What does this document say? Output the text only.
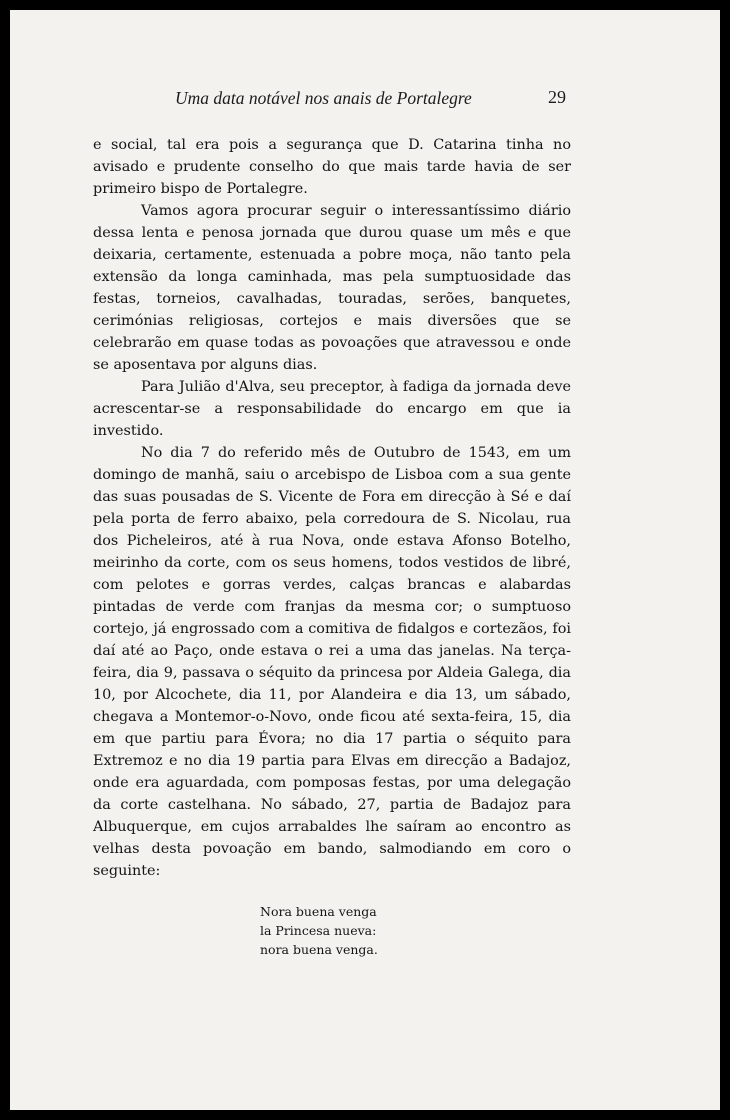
Uma data notável nos anais de Portalegre	29

e social, tal era pois a segurança que D. Catarina tinha no avisado e prudente conselho do que mais tarde havia de ser primeiro bispo de Portalegre.

Vamos agora procurar seguir o interessantíssimo diário dessa lenta e penosa jornada que durou quase um mês e que deixaria, certamente, estenuada a pobre moça, não tanto pela extensão da longa caminhada, mas pela sumptuosidade das festas, torneios, cavalhadas, touradas, serões, banquetes, cerimónias religiosas, cortejos e mais diversões que se celebrarão em quase todas as povoações que atravessou e onde se aposentava por alguns dias.

Para Julião d'Alva, seu preceptor, à fadiga da jornada deve acrescentar-se a responsabilidade do encargo em que ia investido.

No dia 7 do referido mês de Outubro de 1543, em um domingo de manhã, saiu o arcebispo de Lisboa com a sua gente das suas pousadas de S. Vicente de Fora em direcção à Sé e daí pela porta de ferro abaixo, pela corredoura de S. Nicolau, rua dos Picheleiros, até à rua Nova, onde estava Afonso Botelho, meirinho da corte, com os seus homens, todos vestidos de libré, com pelotes e gorras verdes, calças brancas e alabardas pintadas de verde com franjas da mesma cor; o sumptuoso cortejo, já engrossado com a comitiva de fidalgos e cortezãos, foi daí até ao Paço, onde estava o rei a uma das janelas. Na terça-feira, dia 9, passava o séquito da princesa por Aldeia Galega, dia 10, por Alcochete, dia 11, por Alandeira e dia 13, um sábado, chegava a Montemor-o-Novo, onde ficou até sexta-feira, 15, dia em que partiu para Évora; no dia 17 partia o séquito para Extremoz e no dia 19 partia para Elvas em direcção a Badajoz, onde era aguardada, com pomposas festas, por uma delegação da corte castelhana. No sábado, 27, partia de Badajoz para Albuquerque, em cujos arrabaldes lhe saíram ao encontro as velhas desta povoação em bando, salmodiando em coro o seguinte:

Nora buena venga
la Princesa nueva:
nora buena venga.
